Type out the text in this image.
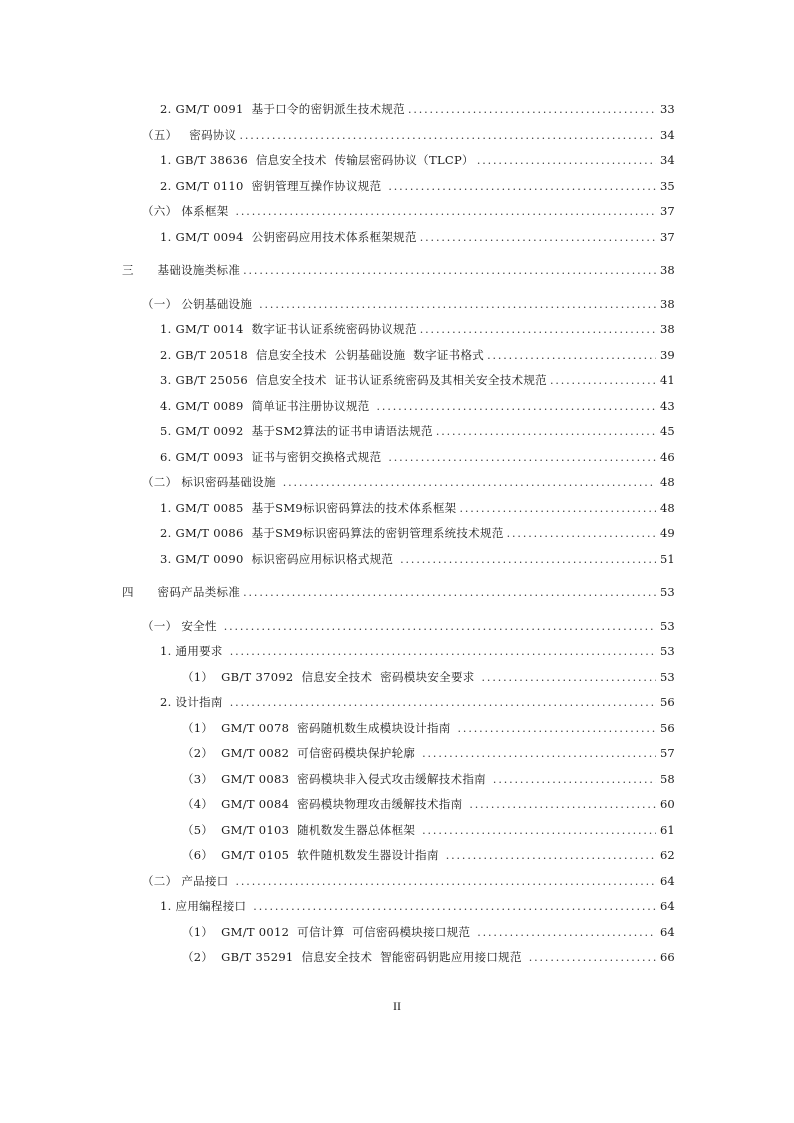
2. GM/T 0091  基于口令的密钥派生技术规范 .....	33
（五）   密码协议 .....	34
1. GB/T 38636  信息安全技术  传输层密码协议（TLCP） .....	34
2. GM/T 0110  密钥管理互操作协议规范 .....	35
（六） 体系框架 .....	37
1. GM/T 0094  公钥密码应用技术体系框架规范 .....	37
三      基础设施类标准 .....	38
（一） 公钥基础设施 .....	38
1. GM/T 0014  数字证书认证系统密码协议规范 .....	38
2. GB/T 20518  信息安全技术  公钥基础设施  数字证书格式 .....	39
3. GB/T 25056  信息安全技术  证书认证系统密码及其相关安全技术规范 .....	41
4. GM/T 0089  简单证书注册协议规范 .....	43
5. GM/T 0092  基于SM2算法的证书申请语法规范 .....	45
6. GM/T 0093  证书与密钥交换格式规范 .....	46
（二） 标识密码基础设施 .....	48
1. GM/T 0085  基于SM9标识密码算法的技术体系框架 .....	48
2. GM/T 0086  基于SM9标识密码算法的密钥管理系统技术规范 .....	49
3. GM/T 0090  标识密码应用标识格式规范 .....	51
四      密码产品类标准 .....	53
（一） 安全性 .....	53
1. 通用要求 .....	53
（1）  GB/T 37092  信息安全技术  密码模块安全要求 .....	53
2. 设计指南 .....	56
（1）  GM/T 0078  密码随机数生成模块设计指南 .....	56
（2）  GM/T 0082  可信密码模块保护轮廓 .....	57
（3）  GM/T 0083  密码模块非入侵式攻击缓解技术指南 .....	58
（4）  GM/T 0084  密码模块物理攻击缓解技术指南 .....	60
（5）  GM/T 0103  随机数发生器总体框架 .....	61
（6）  GM/T 0105  软件随机数发生器设计指南 .....	62
（二） 产品接口 .....	64
1. 应用编程接口 .....	64
（1）  GM/T 0012  可信计算  可信密码模块接口规范 .....	64
（2）  GB/T 35291  信息安全技术  智能密码钥匙应用接口规范 .....	66
II
